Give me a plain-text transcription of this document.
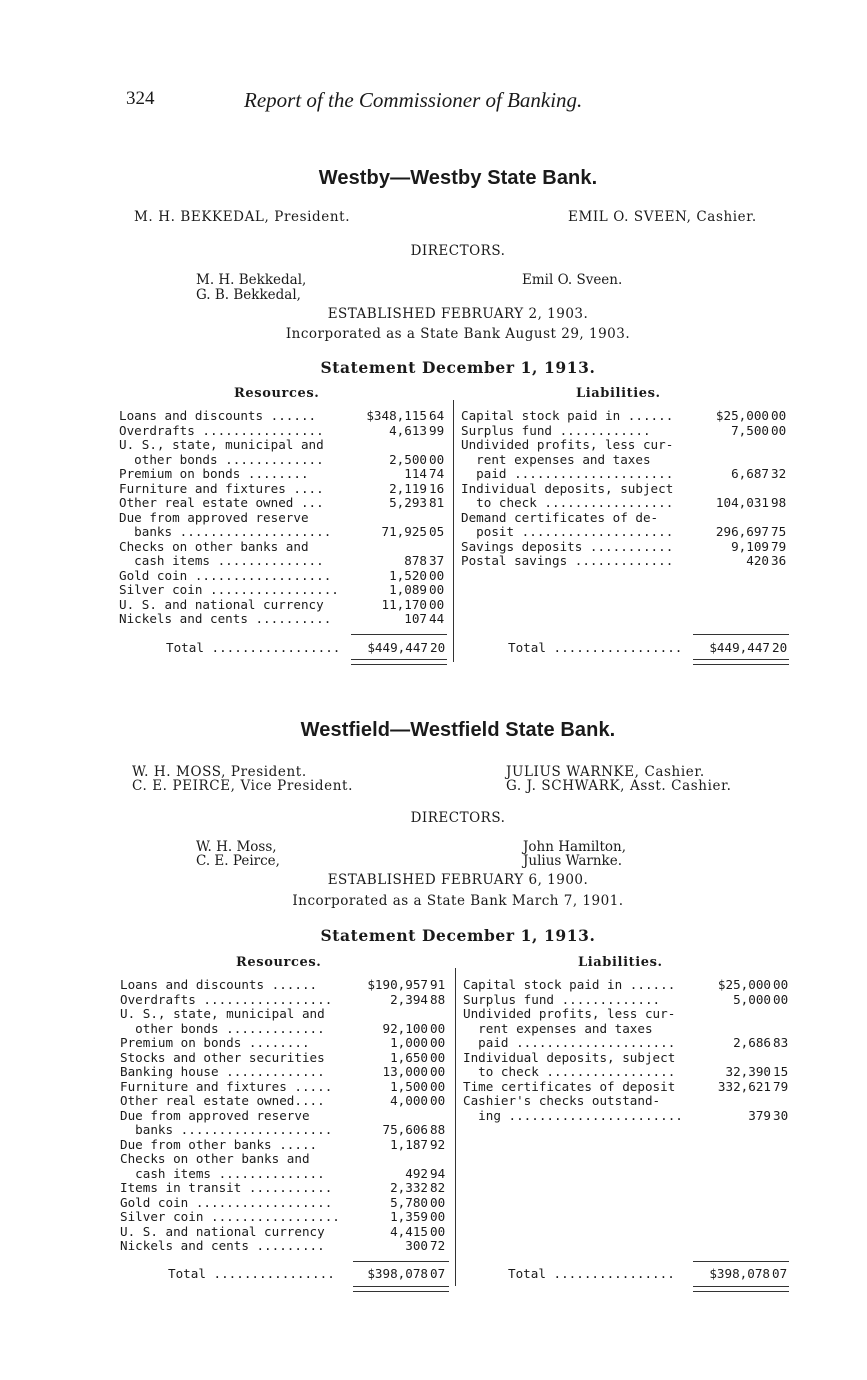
324	Report of the Commissioner of Banking.
Westby—Westby State Bank.
M. H. BEKKEDAL, President.	EMIL O. SVEEN, Cashier.
DIRECTORS.
M. H. Bekkedal,
G. B. Bekkedal,
Emil O. Sveen.
ESTABLISHED FEBRUARY 2, 1903.
Incorporated as a State Bank August 29, 1903.
Statement December 1, 1913.
Resources.	Liabilities.
Loans and discounts ......	$348,115 64
Overdrafts ................	4,613 99
U. S., state, municipal and
other bonds .............	2,500 00
Premium on bonds ........	114 74
Furniture and fixtures ....	2,119 16
Other real estate owned ...	5,293 81
Due from approved reserve
banks ....................	71,925 05
Checks on other banks and
cash items ..............	878 37
Gold coin ..................	1,520 00
Silver coin .................	1,089 00
U. S. and national currency	11,170 00
Nickels and cents ..........	107 44
Capital stock paid in ......	$25,000 00
Surplus fund ............	7,500 00
Undivided profits, less cur-
rent expenses and taxes
paid .....................	6,687 32
Individual deposits, subject
to check .................	104,031 98
Demand certificates of de-
posit ....................	296,697 75
Savings deposits ...........	9,109 79
Postal savings .............	420 36
Total .................	$449,447 20	Total .................	$449,447 20
Westfield—Westfield State Bank.
W. H. MOSS, President.
C. E. PEIRCE, Vice President.
JULIUS WARNKE, Cashier.
G. J. SCHWARK, Asst. Cashier.
DIRECTORS.
W. H. Moss,
C. E. Peirce,
John Hamilton,
Julius Warnke.
ESTABLISHED FEBRUARY 6, 1900.
Incorporated as a State Bank March 7, 1901.
Statement December 1, 1913.
Resources.	Liabilities.
Loans and discounts ......	$190,957 91
Overdrafts .................	2,394 88
U. S., state, municipal and
other bonds .............	92,100 00
Premium on bonds ........	1,000 00
Stocks and other securities	1,650 00
Banking house .............	13,000 00
Furniture and fixtures .....	1,500 00
Other real estate owned....	4,000 00
Due from approved reserve
banks ....................	75,606 88
Due from other banks .....	1,187 92
Checks on other banks and
cash items ..............	492 94
Items in transit ...........	2,332 82
Gold coin ..................	5,780 00
Silver coin .................	1,359 00
U. S. and national currency	4,415 00
Nickels and cents .........	300 72
Capital stock paid in ......	$25,000 00
Surplus fund .............	5,000 00
Undivided profits, less cur-
rent expenses and taxes
paid .....................	2,686 83
Individual deposits, subject
to check .................	32,390 15
Time certificates of deposit	332,621 79
Cashier's checks outstand-
ing .......................	379 30
Total ................	$398,078 07	Total ................	$398,078 07
